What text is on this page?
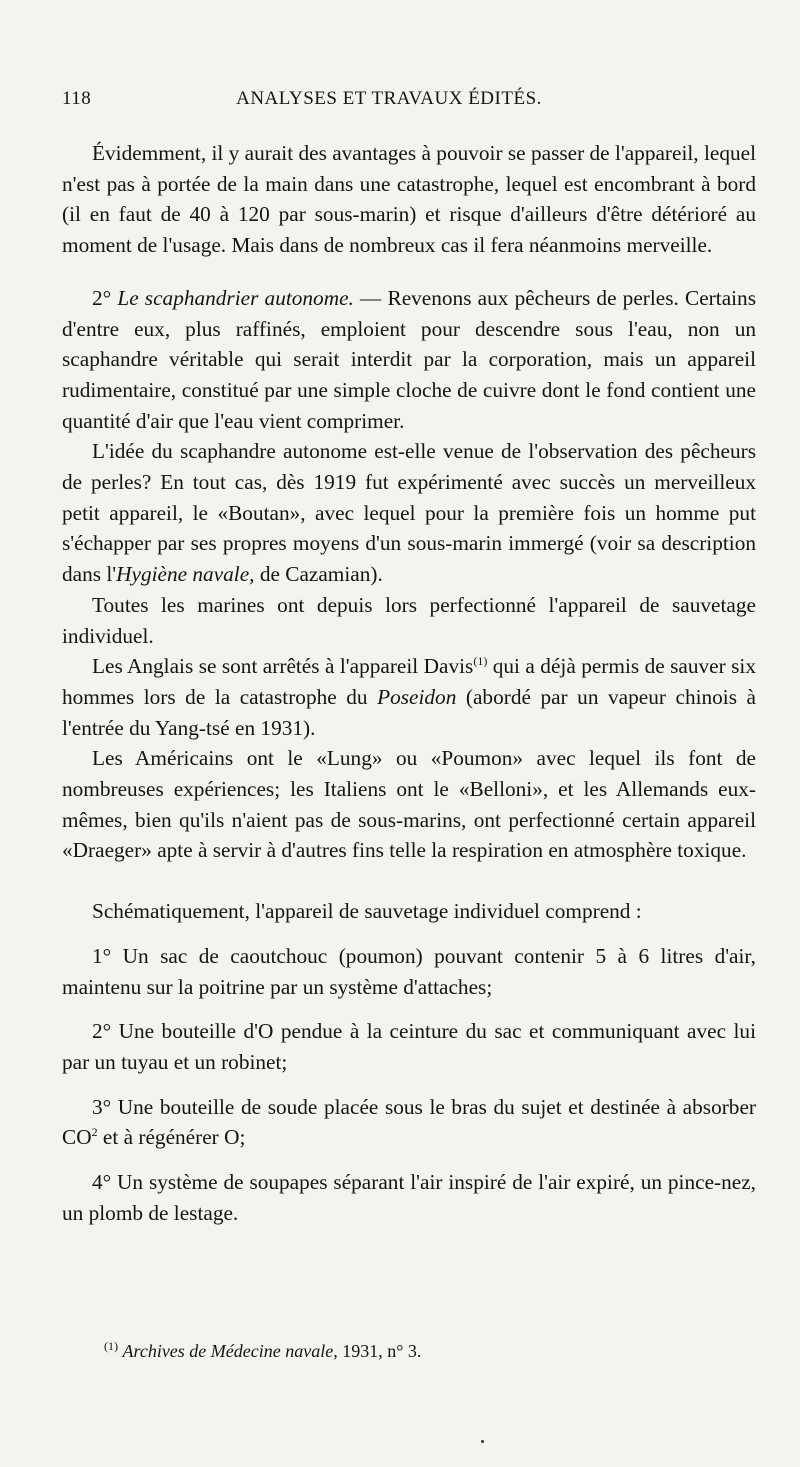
118	ANALYSES ET TRAVAUX ÉDITÉS.

Évidemment, il y aurait des avantages à pouvoir se passer de l'appareil, lequel n'est pas à portée de la main dans une catastrophe, lequel est encombrant à bord (il en faut de 40 à 120 par sous-marin) et risque d'ailleurs d'être détérioré au moment de l'usage. Mais dans de nombreux cas il fera néanmoins merveille.

2° Le scaphandrier autonome. — Revenons aux pêcheurs de perles. Certains d'entre eux, plus raffinés, emploient pour descendre sous l'eau, non un scaphandre véritable qui serait interdit par la corporation, mais un appareil rudimentaire, constitué par une simple cloche de cuivre dont le fond contient une quantité d'air que l'eau vient comprimer.

L'idée du scaphandre autonome est-elle venue de l'observation des pêcheurs de perles? En tout cas, dès 1919 fut expérimenté avec succès un merveilleux petit appareil, le «Boutan», avec lequel pour la première fois un homme put s'échapper par ses propres moyens d'un sous-marin immergé (voir sa description dans l'Hygiène navale, de Cazamian).

Toutes les marines ont depuis lors perfectionné l'appareil de sauvetage individuel.

Les Anglais se sont arrêtés à l'appareil Davis$^{(1)}$ qui a déjà permis de sauver six hommes lors de la catastrophe du Poseidon (abordé par un vapeur chinois à l'entrée du Yang-tsé en 1931).

Les Américains ont le «Lung» ou «Poumon» avec lequel ils font de nombreuses expériences; les Italiens ont le «Belloni», et les Allemands eux-mêmes, bien qu'ils n'aient pas de sous-marins, ont perfectionné certain appareil «Draeger» apte à servir à d'autres fins telle la respiration en atmosphère toxique.

Schématiquement, l'appareil de sauvetage individuel comprend :

1° Un sac de caoutchouc (poumon) pouvant contenir 5 à 6 litres d'air, maintenu sur la poitrine par un système d'attaches;

2° Une bouteille d'O pendue à la ceinture du sac et communiquant avec lui par un tuyau et un robinet;

3° Une bouteille de soude placée sous le bras du sujet et destinée à absorber $CO^2$ et à régénérer O;

4° Un système de soupapes séparant l'air inspiré de l'air expiré, un pince-nez, un plomb de lestage.

$^{(1)}$ Archives de Médecine navale, 1931, n° 3.
